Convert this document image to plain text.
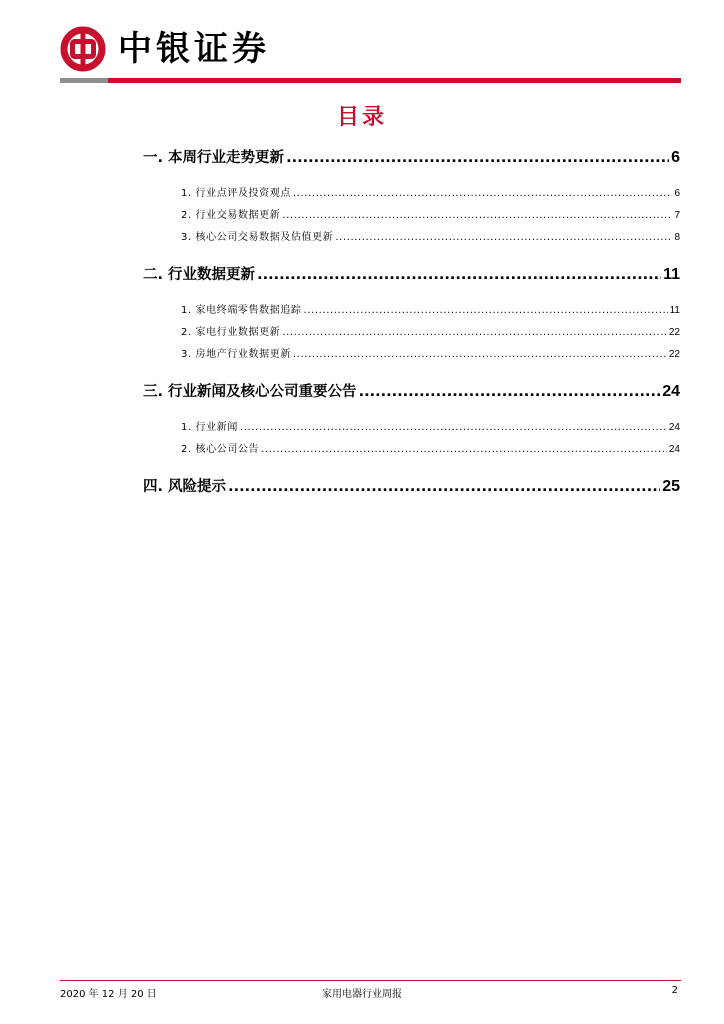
中银证券
目录
一. 本周行业走势更新 .....	6
1. 行业点评及投资观点 .....	6
2. 行业交易数据更新 .....	7
3. 核心公司交易数据及估值更新 .....	8
二. 行业数据更新 .....	11
1. 家电终端零售数据追踪 .....	11
2. 家电行业数据更新 .....	22
3. 房地产行业数据更新 .....	22
三. 行业新闻及核心公司重要公告 .....	24
1. 行业新闻 .....	24
2. 核心公司公告 .....	24
四. 风险提示 .....	25
2020 年 12 月 20 日	家用电器行业周报	2
